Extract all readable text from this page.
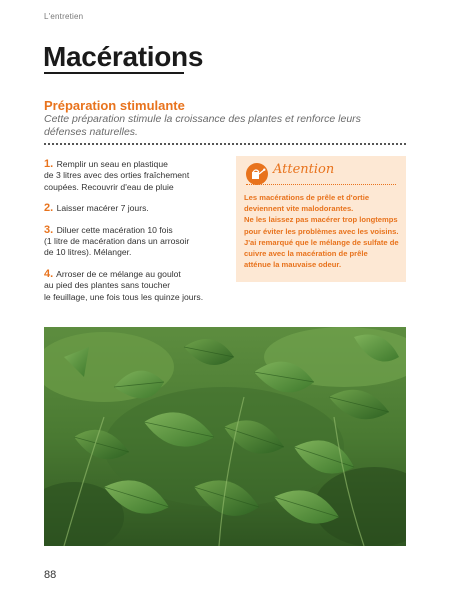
L'entretien
Macérations
Préparation stimulante
Cette préparation stimule la croissance des plantes et renforce leurs défenses naturelles.
1. Remplir un seau en plastique
de 3 litres avec des orties fraîchement
coupées. Recouvrir d'eau de pluie
2. Laisser macérer 7 jours.
3. Diluer cette macération 10 fois
(1 litre de macération dans un arrosoir
de 10 litres). Mélanger.
4. Arroser de ce mélange au goulot
au pied des plantes sans toucher
le feuillage, une fois tous les quinze jours.
Attention
Les macérations de prêle et d'ortie
deviennent vite malodorantes.
Ne les laissez pas macérer trop longtemps
pour éviter les problèmes avec les voisins.
J'ai remarqué que le mélange de sulfate de
cuivre avec la macération de prêle
atténue la mauvaise odeur.
88
